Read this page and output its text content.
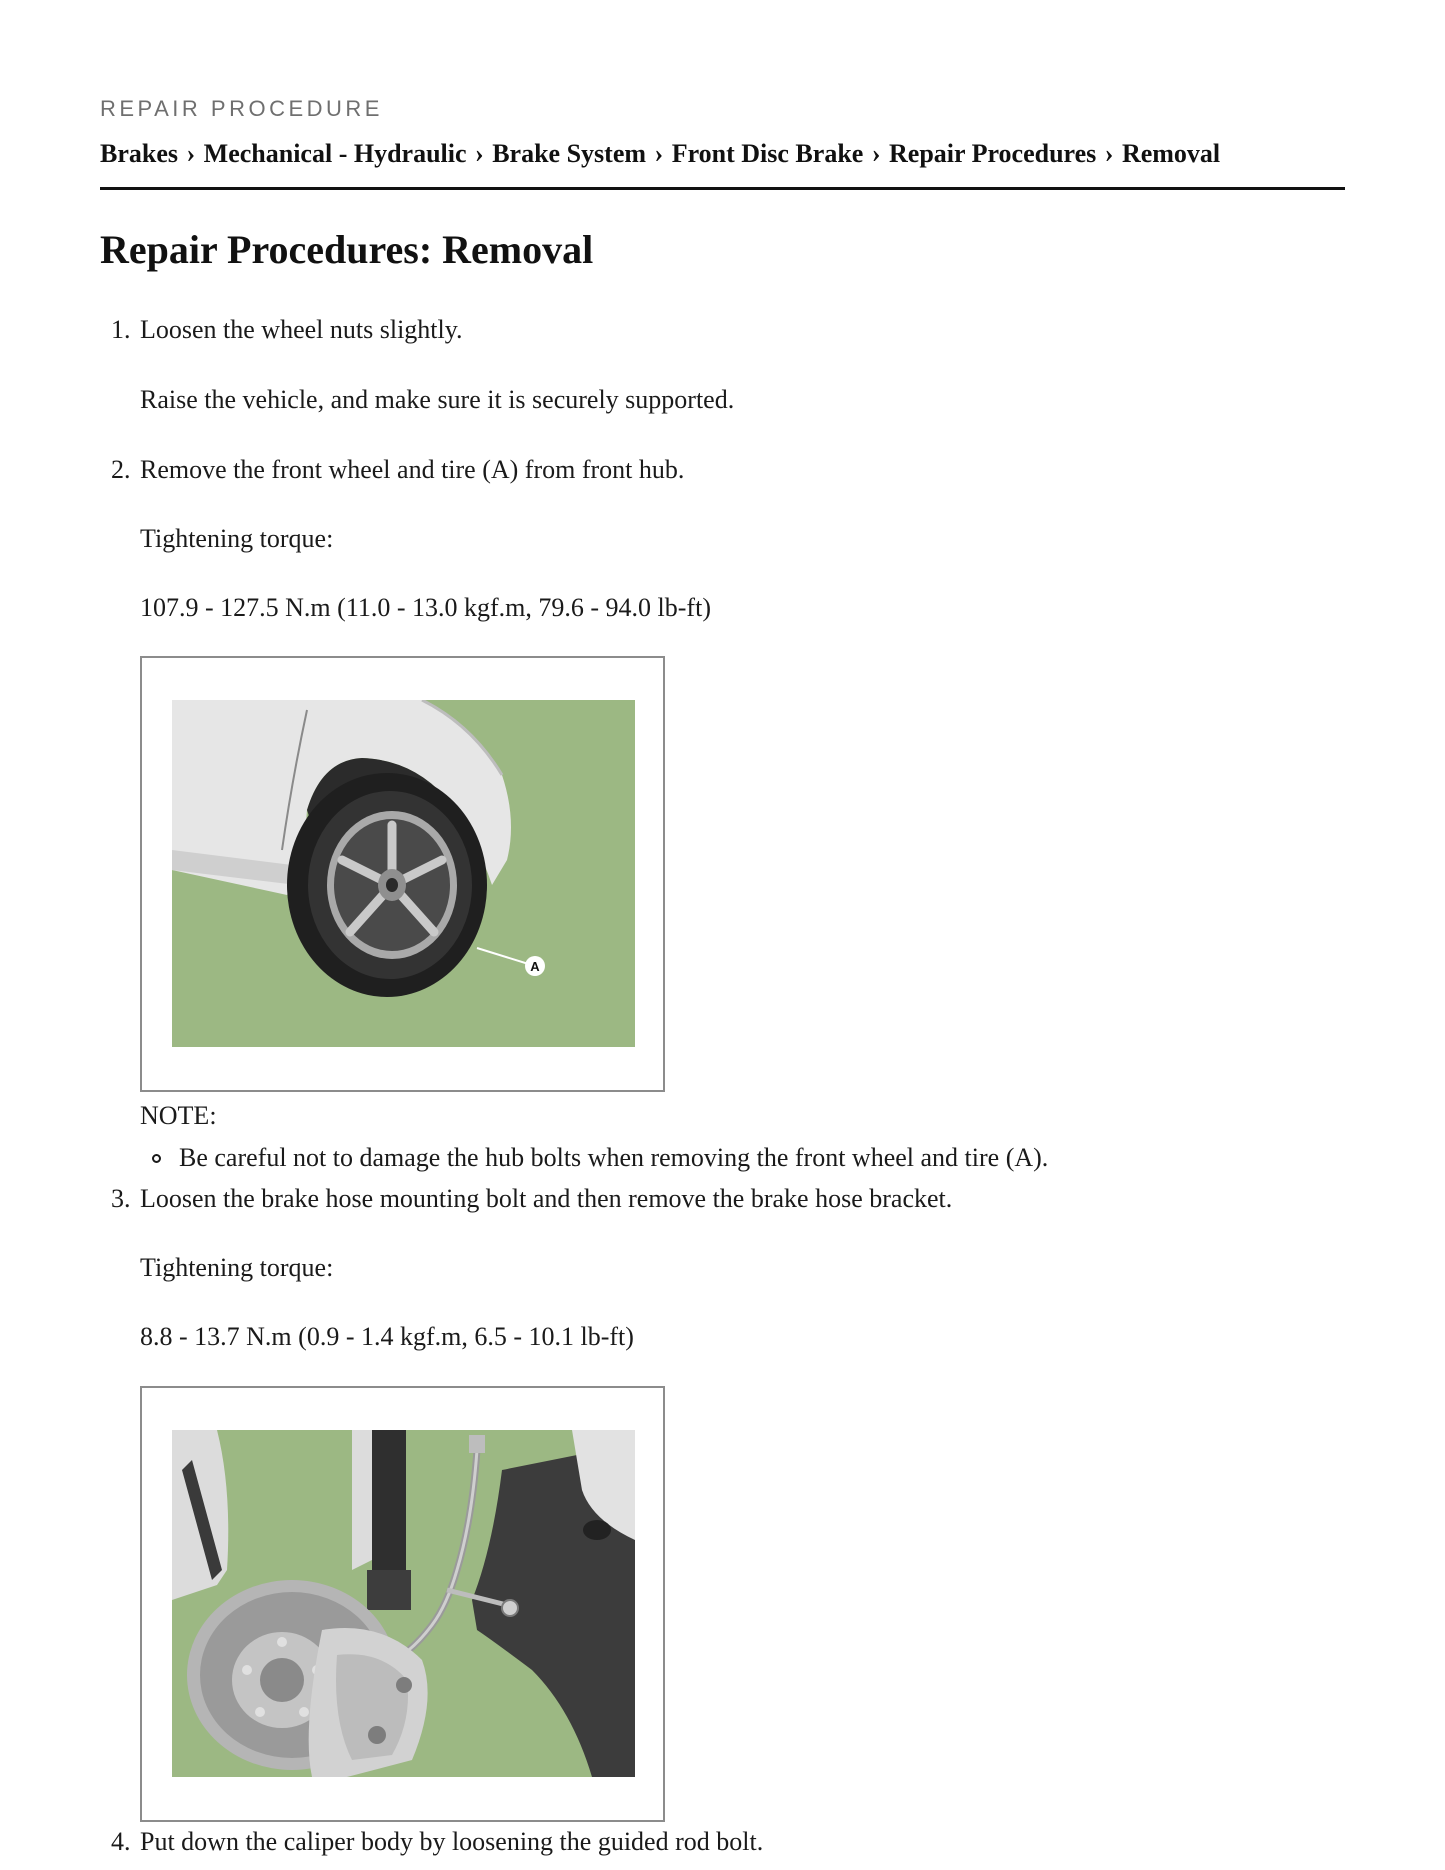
REPAIR PROCEDURE
Brakes › Mechanical - Hydraulic › Brake System › Front Disc Brake › Repair Procedures › Removal
Repair Procedures: Removal
1. Loosen the wheel nuts slightly.
Raise the vehicle, and make sure it is securely supported.
2. Remove the front wheel and tire (A) from front hub.
Tightening torque:
107.9 - 127.5 N.m (11.0 - 13.0 kgf.m, 79.6 - 94.0 lb-ft)
A
NOTE:
Be careful not to damage the hub bolts when removing the front wheel and tire (A).
3. Loosen the brake hose mounting bolt and then remove the brake hose bracket.
Tightening torque:
8.8 - 13.7 N.m (0.9 - 1.4 kgf.m, 6.5 - 10.1 lb-ft)
4. Put down the caliper body by loosening the guided rod bolt.
